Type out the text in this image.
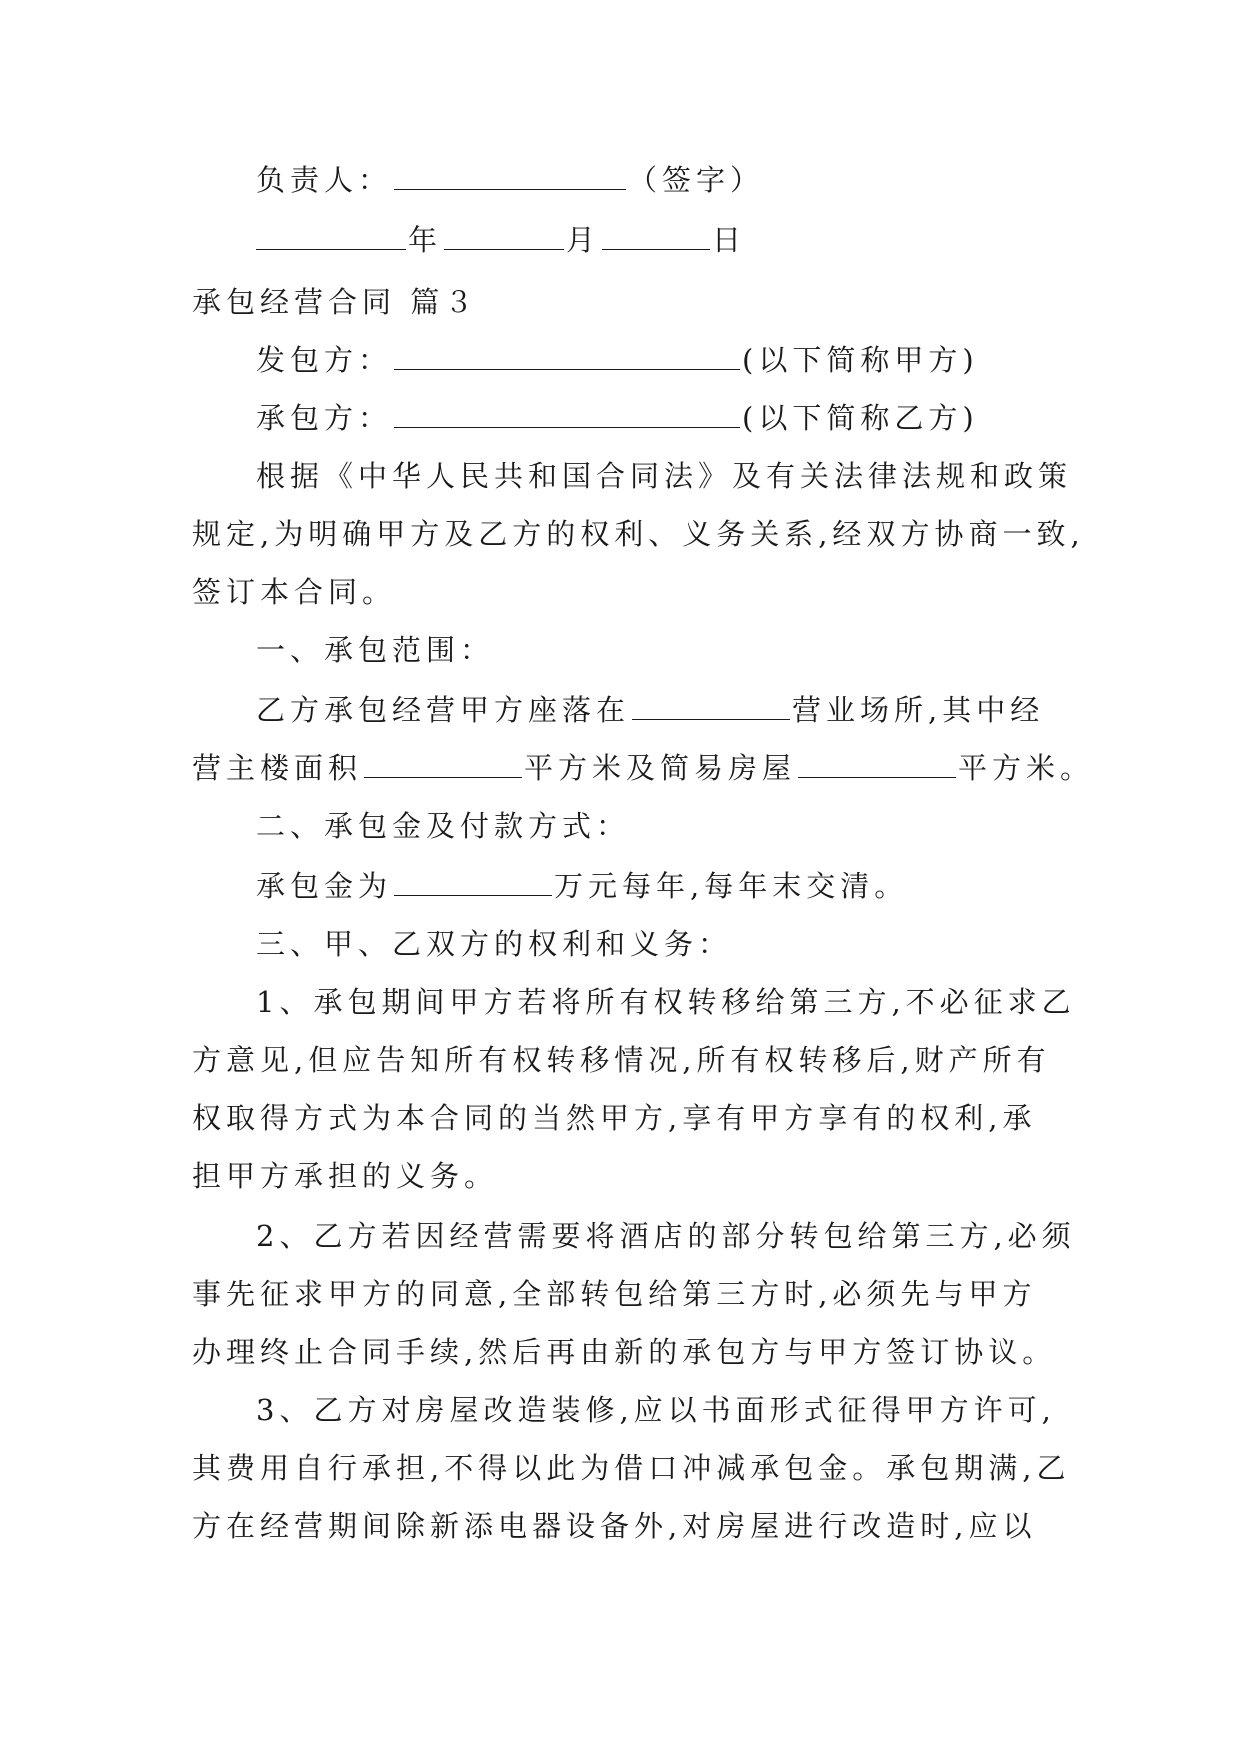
负责人：	（签字）
年	月	日
承包经营合同 篇３
发包方：	(以下简称甲方)
承包方：	(以下简称乙方)
根据《中华人民共和国合同法》及有关法律法规和政策
规定,为明确甲方及乙方的权利、义务关系,经双方协商一致,
签订本合同。
一、承包范围：
乙方承包经营甲方座落在	营业场所,其中经
营主楼面积	平方米及简易房屋	平方米。
二、承包金及付款方式：
承包金为	万元每年,每年末交清。
三、甲、乙双方的权利和义务：
1、承包期间甲方若将所有权转移给第三方,不必征求乙
方意见,但应告知所有权转移情况,所有权转移后,财产所有
权取得方式为本合同的当然甲方,享有甲方享有的权利,承
担甲方承担的义务。
2、乙方若因经营需要将酒店的部分转包给第三方,必须
事先征求甲方的同意,全部转包给第三方时,必须先与甲方
办理终止合同手续,然后再由新的承包方与甲方签订协议。
3、乙方对房屋改造装修,应以书面形式征得甲方许可,
其费用自行承担,不得以此为借口冲减承包金。承包期满,乙
方在经营期间除新添电器设备外,对房屋进行改造时,应以
